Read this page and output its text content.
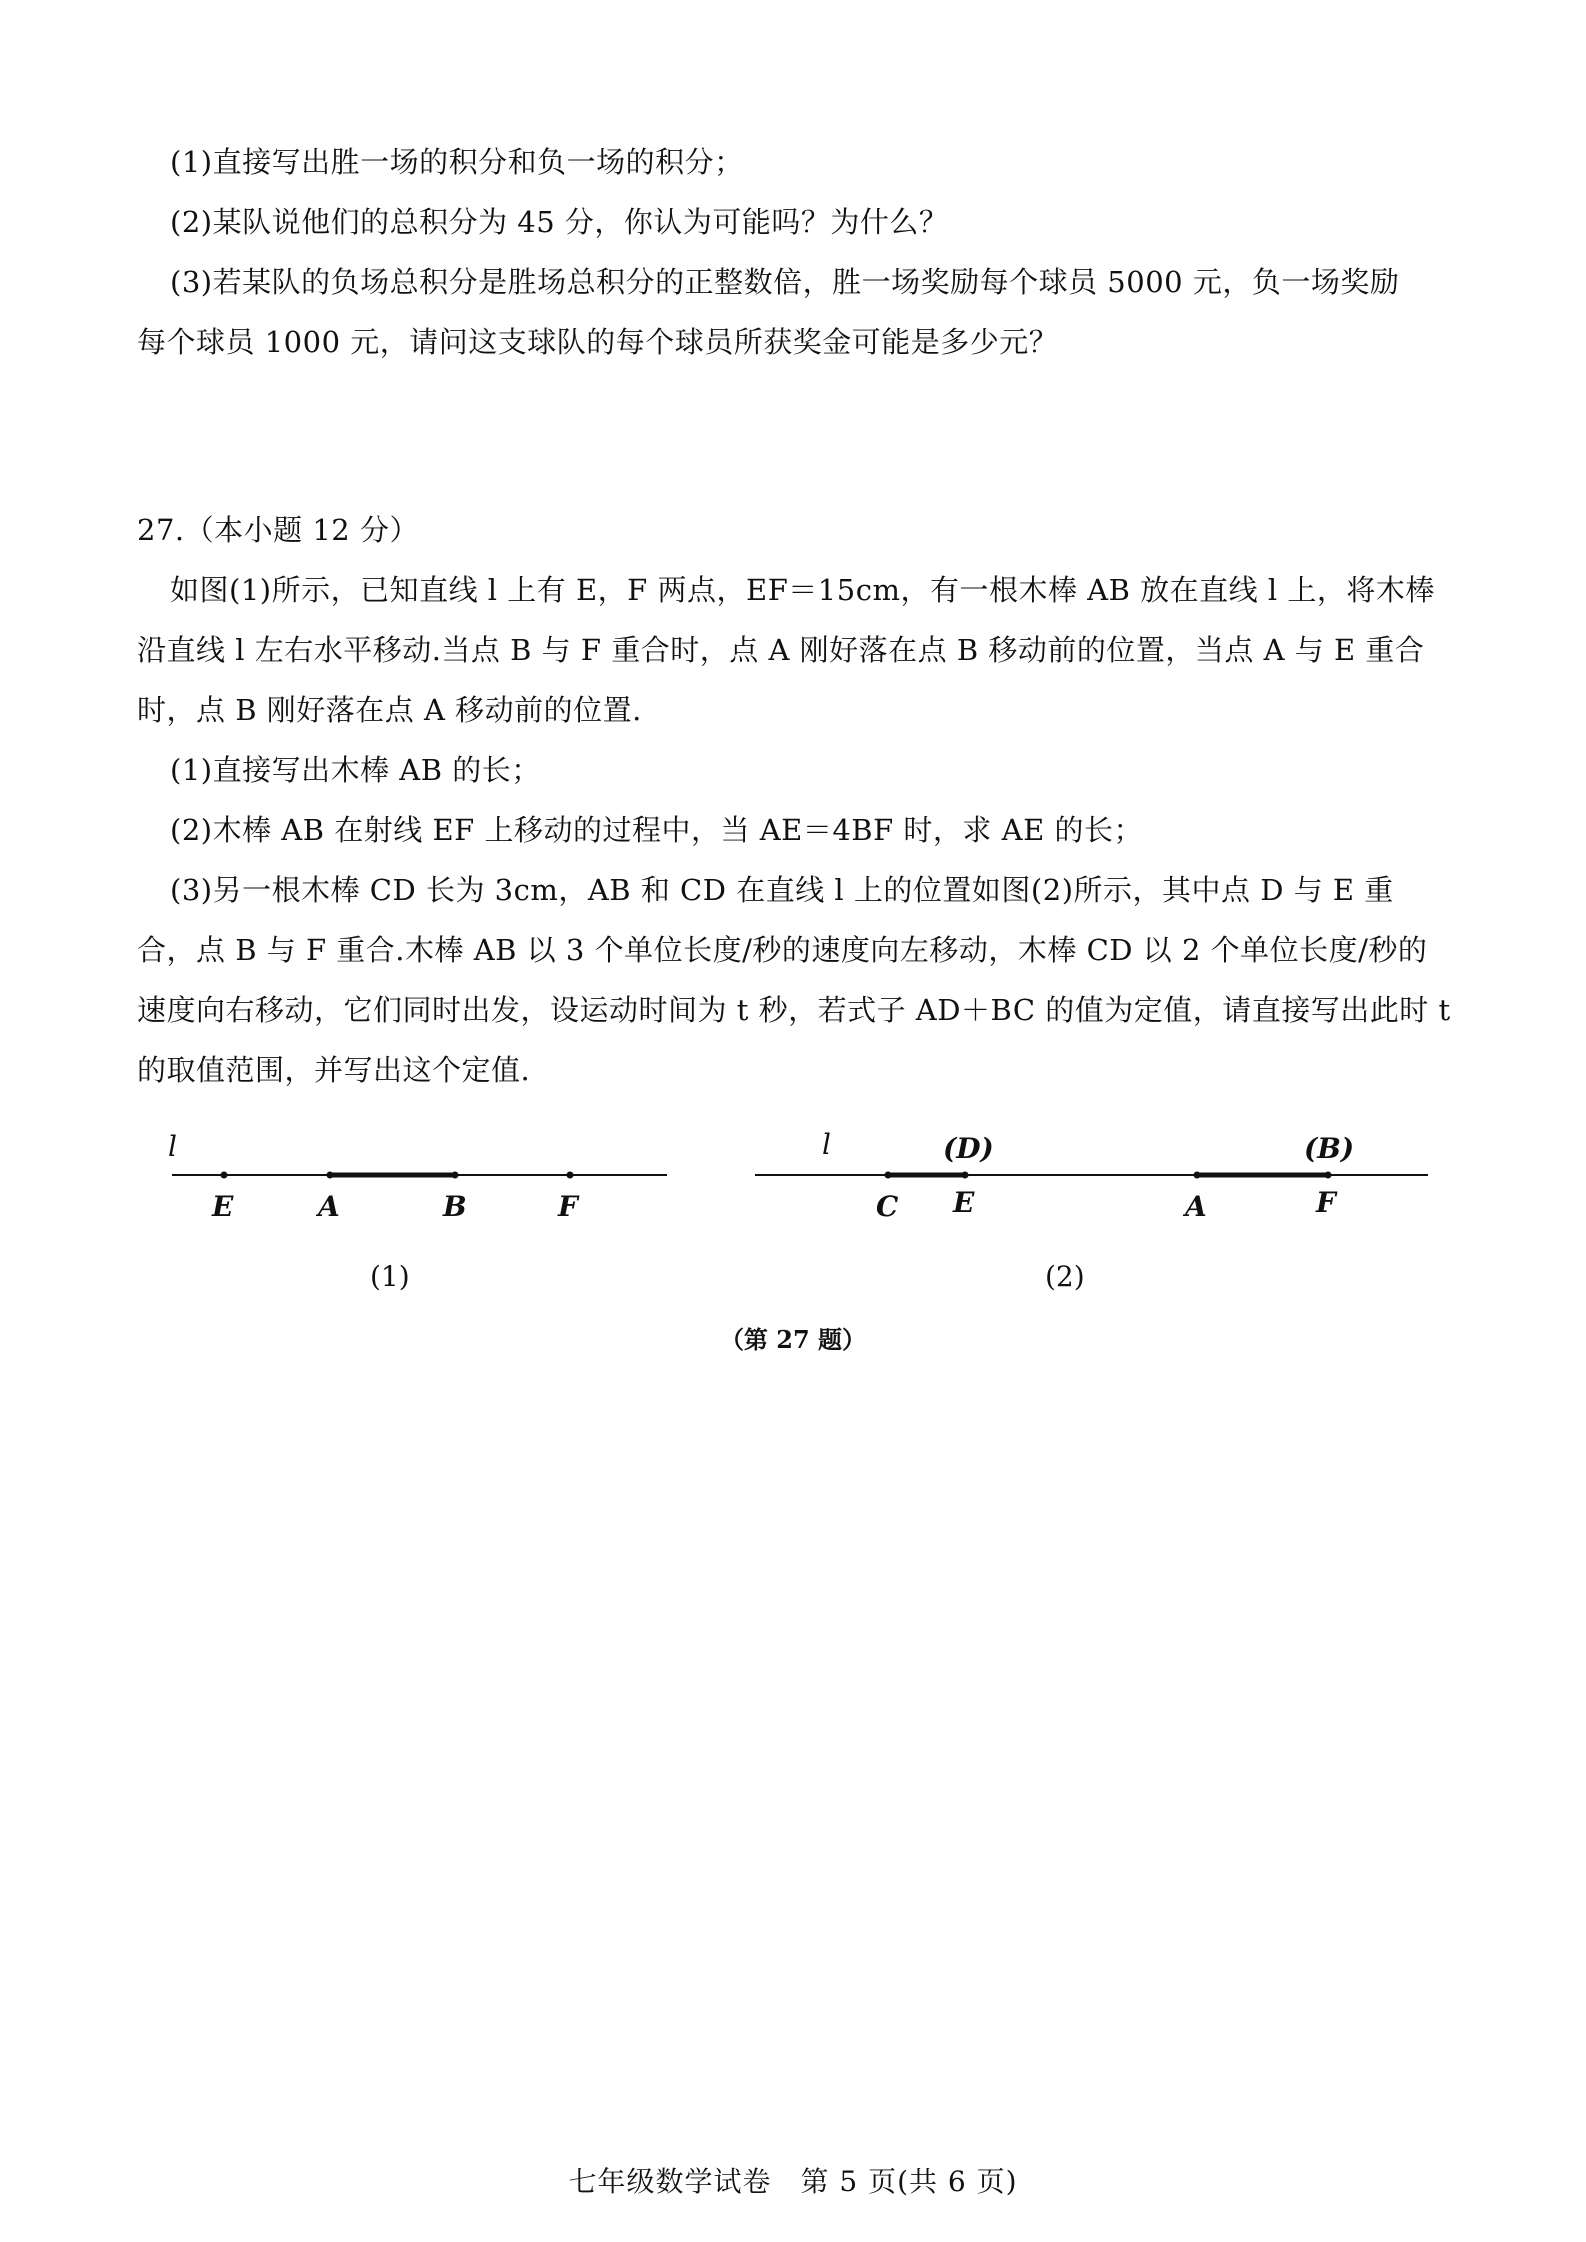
(1)直接写出胜一场的积分和负一场的积分；
(2)某队说他们的总积分为 45 分，你认为可能吗？为什么？
(3)若某队的负场总积分是胜场总积分的正整数倍，胜一场奖励每个球员 5000 元，负一场奖励
每个球员 1000 元，请问这支球队的每个球员所获奖金可能是多少元？
27.（本小题 12 分）
如图(1)所示，已知直线 l 上有 E，F 两点，EF＝15cm，有一根木棒 AB 放在直线 l 上，将木棒
沿直线 l 左右水平移动.当点 B 与 F 重合时，点 A 刚好落在点 B 移动前的位置，当点 A 与 E 重合
时，点 B 刚好落在点 A 移动前的位置.
(1)直接写出木棒 AB 的长；
(2)木棒 AB 在射线 EF 上移动的过程中，当 AE＝4BF 时，求 AE 的长；
(3)另一根木棒 CD 长为 3cm，AB 和 CD 在直线 l 上的位置如图(2)所示，其中点 D 与 E 重
合，点 B 与 F 重合.木棒 AB 以 3 个单位长度/秒的速度向左移动，木棒 CD 以 2 个单位长度/秒的
速度向右移动，它们同时出发，设运动时间为 t 秒，若式子 AD＋BC 的值为定值，请直接写出此时 t
的取值范围，并写出这个定值.
l
E	A	B	F
(1)
l	(D)	(B)
C E	A	F
(2)
（第 27 题）
七年级数学试卷　第 5 页(共 6 页)
